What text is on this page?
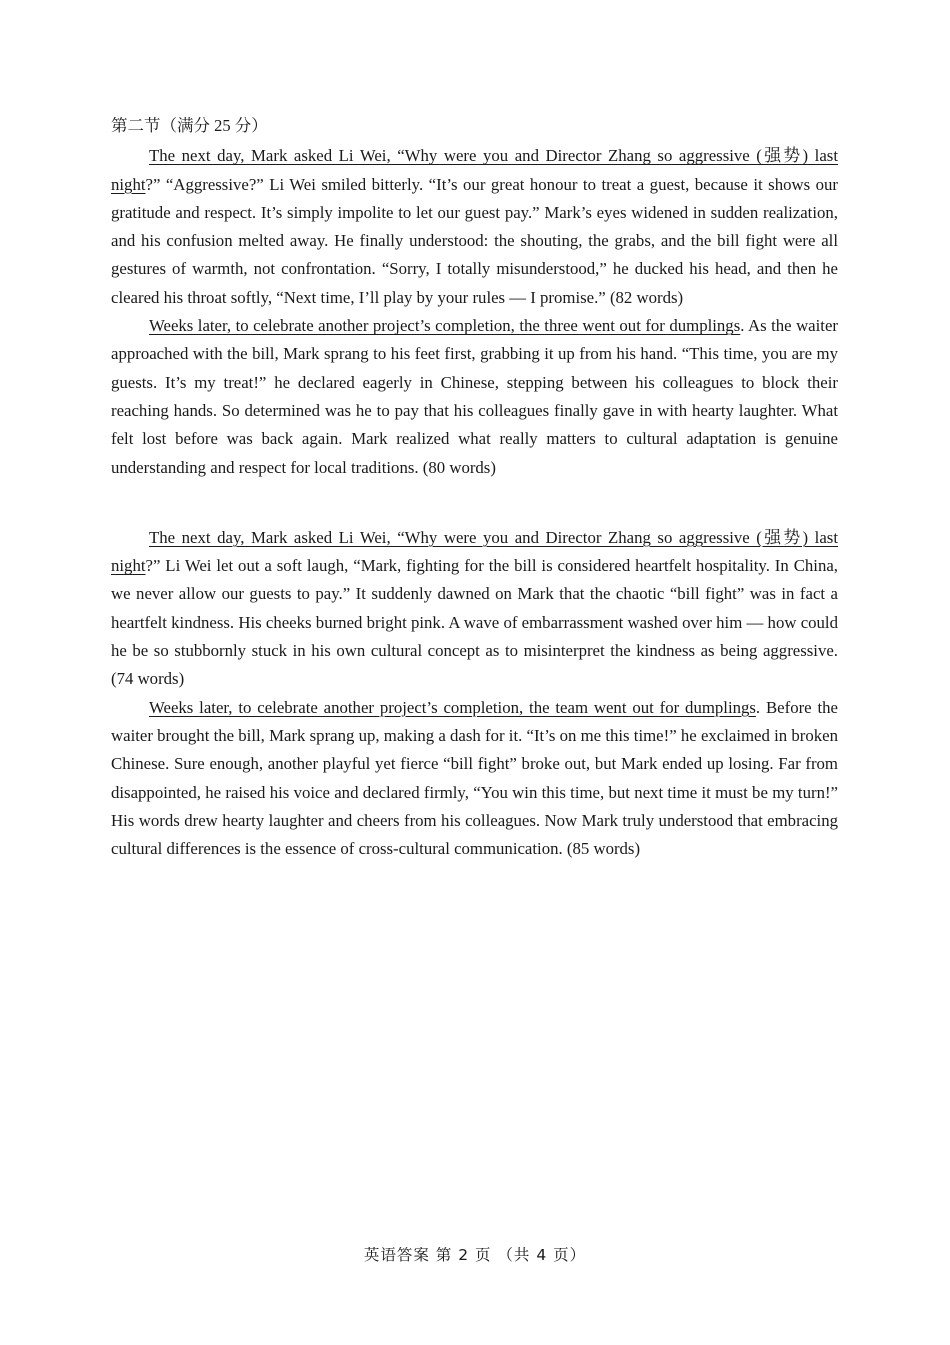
第二节（满分 25 分）

The next day, Mark asked Li Wei, “Why were you and Director Zhang so aggressive (强势) last night?” “Aggressive?” Li Wei smiled bitterly. “It’s our great honour to treat a guest, because it shows our gratitude and respect. It’s simply impolite to let our guest pay.” Mark’s eyes widened in sudden realization, and his confusion melted away. He finally understood: the shouting, the grabs, and the bill fight were all gestures of warmth, not confrontation. “Sorry, I totally misunderstood,” he ducked his head, and then he cleared his throat softly, “Next time, I’ll play by your rules — I promise.” (82 words)

Weeks later, to celebrate another project’s completion, the three went out for dumplings. As the waiter approached with the bill, Mark sprang to his feet first, grabbing it up from his hand. “This time, you are my guests. It’s my treat!” he declared eagerly in Chinese, stepping between his colleagues to block their reaching hands. So determined was he to pay that his colleagues finally gave in with hearty laughter. What felt lost before was back again. Mark realized what really matters to cultural adaptation is genuine understanding and respect for local traditions. (80 words)

The next day, Mark asked Li Wei, “Why were you and Director Zhang so aggressive (强势) last night?” Li Wei let out a soft laugh, “Mark, fighting for the bill is considered heartfelt hospitality. In China, we never allow our guests to pay.” It suddenly dawned on Mark that the chaotic “bill fight” was in fact a heartfelt kindness. His cheeks burned bright pink. A wave of embarrassment washed over him — how could he be so stubbornly stuck in his own cultural concept as to misinterpret the kindness as being aggressive. (74 words)

Weeks later, to celebrate another project’s completion, the team went out for dumplings. Before the waiter brought the bill, Mark sprang up, making a dash for it. “It’s on me this time!” he exclaimed in broken Chinese. Sure enough, another playful yet fierce “bill fight” broke out, but Mark ended up losing. Far from disappointed, he raised his voice and declared firmly, “You win this time, but next time it must be my turn!” His words drew hearty laughter and cheers from his colleagues. Now Mark truly understood that embracing cultural differences is the essence of cross-cultural communication. (85 words)

英语答案 第 2 页 （共 4 页）
